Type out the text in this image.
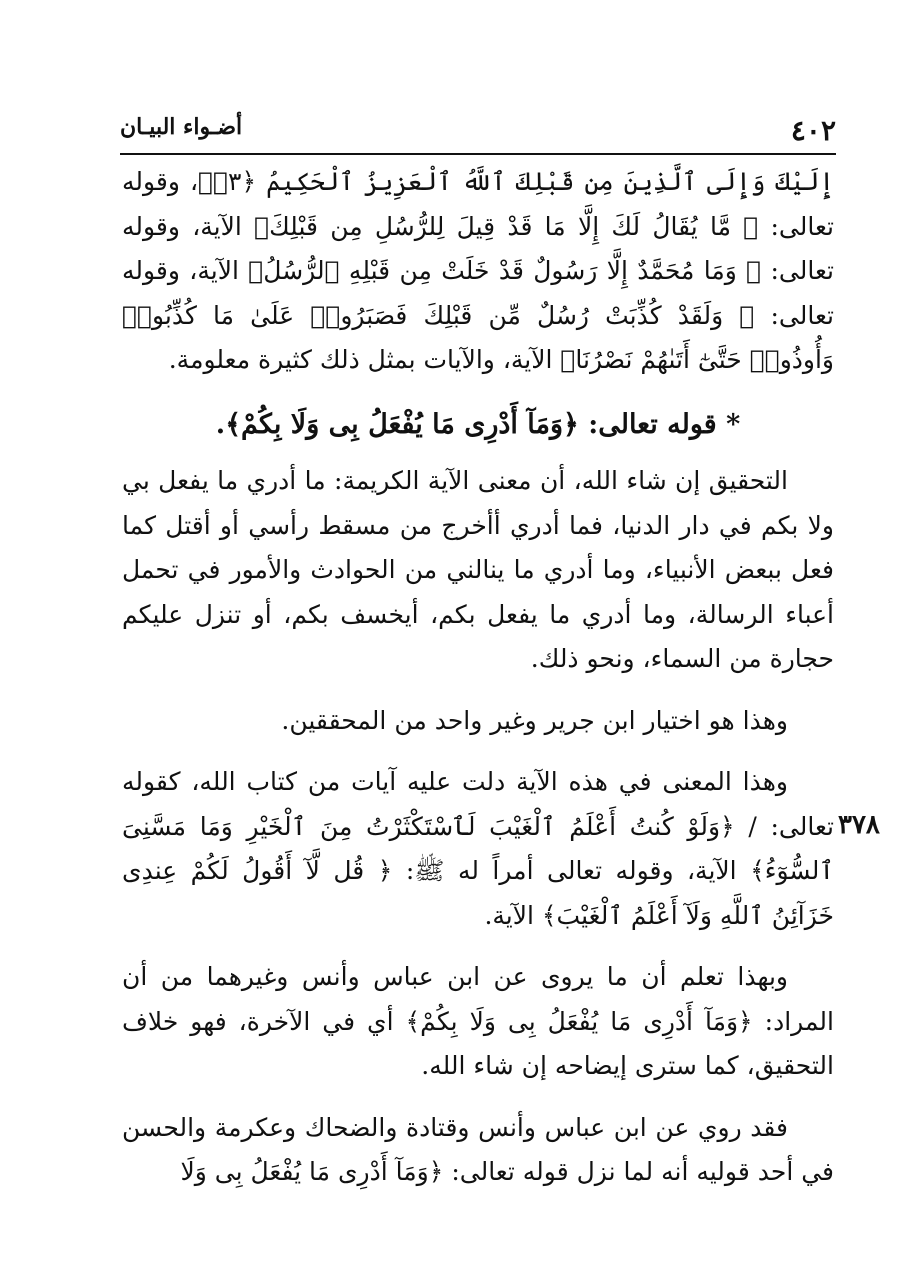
٤٠٢
أضـواء البيـان
٣٧٨

إِلَيْكَ وَإِلَى ٱلَّذِينَ مِن قَبْلِكَ ٱللَّهُ ٱلْعَزِيزُ ٱلْحَكِيمُ ﴿٣﴾﴾، وقوله تعالى: ﴿ مَّا يُقَالُ لَكَ إِلَّا مَا قَدْ قِيلَ لِلرُّسُلِ مِن قَبْلِكَ﴾ الآية، وقوله تعالى: ﴿ وَمَا مُحَمَّدٌ إِلَّا رَسُولٌ قَدْ خَلَتْ مِن قَبْلِهِ ٱلرُّسُلُ﴾ الآية، وقوله تعالى: ﴿ وَلَقَدْ كُذِّبَتْ رُسُلٌ مِّن قَبْلِكَ فَصَبَرُوا۟ عَلَىٰ مَا كُذِّبُوا۟ وَأُوذُوا۟ حَتَّىٰٓ أَتَىٰهُمْ نَصْرُنَا﴾ الآية، والآيات بمثل ذلك كثيرة معلومة.

* قوله تعالى: ﴿وَمَآ أَدْرِى مَا يُفْعَلُ بِى وَلَا بِكُمْ﴾.

التحقيق إن شاء الله، أن معنى الآية الكريمة: ما أدري ما يفعل بي ولا بكم في دار الدنيا، فما أدري أأخرج من مسقط رأسي أو أقتل كما فعل ببعض الأنبياء، وما أدري ما ينالني من الحوادث والأمور في تحمل أعباء الرسالة، وما أدري ما يفعل بكم، أيخسف بكم، أو تنزل عليكم حجارة من السماء، ونحو ذلك.

وهذا هو اختيار ابن جرير وغير واحد من المحققين.

وهذا المعنى في هذه الآية دلت عليه آيات من كتاب الله، كقوله تعالى: / ﴿وَلَوْ كُنتُ أَعْلَمُ ٱلْغَيْبَ لَٱسْتَكْثَرْتُ مِنَ ٱلْخَيْرِ وَمَا مَسَّنِىَ ٱلسُّوٓءُ﴾ الآية، وقوله تعالى أمراً له ﷺ: ﴿ قُل لَّآ أَقُولُ لَكُمْ عِندِى خَزَآئِنُ ٱللَّهِ وَلَآ أَعْلَمُ ٱلْغَيْبَ﴾ الآية.

وبهذا تعلم أن ما يروى عن ابن عباس وأنس وغيرهما من أن المراد: ﴿وَمَآ أَدْرِى مَا يُفْعَلُ بِى وَلَا بِكُمْ﴾ أي في الآخرة، فهو خلاف التحقيق، كما سترى إيضاحه إن شاء الله.

فقد روي عن ابن عباس وأنس وقتادة والضحاك وعكرمة والحسن في أحد قوليه أنه لما نزل قوله تعالى: ﴿وَمَآ أَدْرِى مَا يُفْعَلُ بِى وَلَا
